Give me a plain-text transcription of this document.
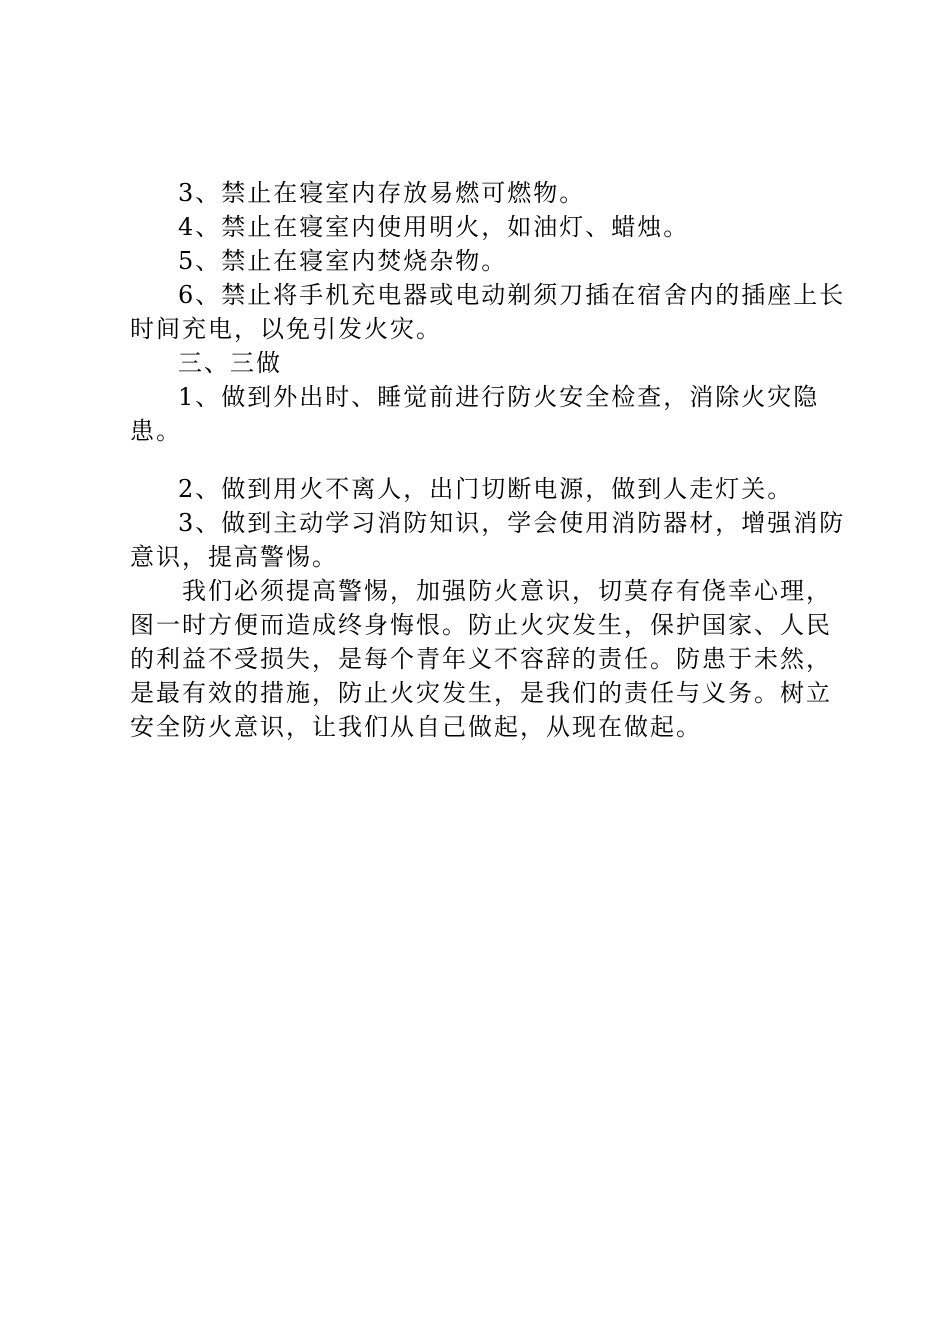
3、禁止在寝室内存放易燃可燃物。

4、禁止在寝室内使用明火，如油灯、蜡烛。

5、禁止在寝室内焚烧杂物。

6、禁止将手机充电器或电动剃须刀插在宿舍内的插座上长时间充电，以免引发火灾。

三、三做

1、做到外出时、睡觉前进行防火安全检查，消除火灾隐患。

2、做到用火不离人，出门切断电源，做到人走灯关。

3、做到主动学习消防知识，学会使用消防器材，增强消防意识，提高警惕。

我们必须提高警惕，加强防火意识，切莫存有侥幸心理，图一时方便而造成终身悔恨。防止火灾发生，保护国家、人民的利益不受损失，是每个青年义不容辞的责任。防患于未然，是最有效的措施，防止火灾发生，是我们的责任与义务。树立安全防火意识，让我们从自己做起，从现在做起。
